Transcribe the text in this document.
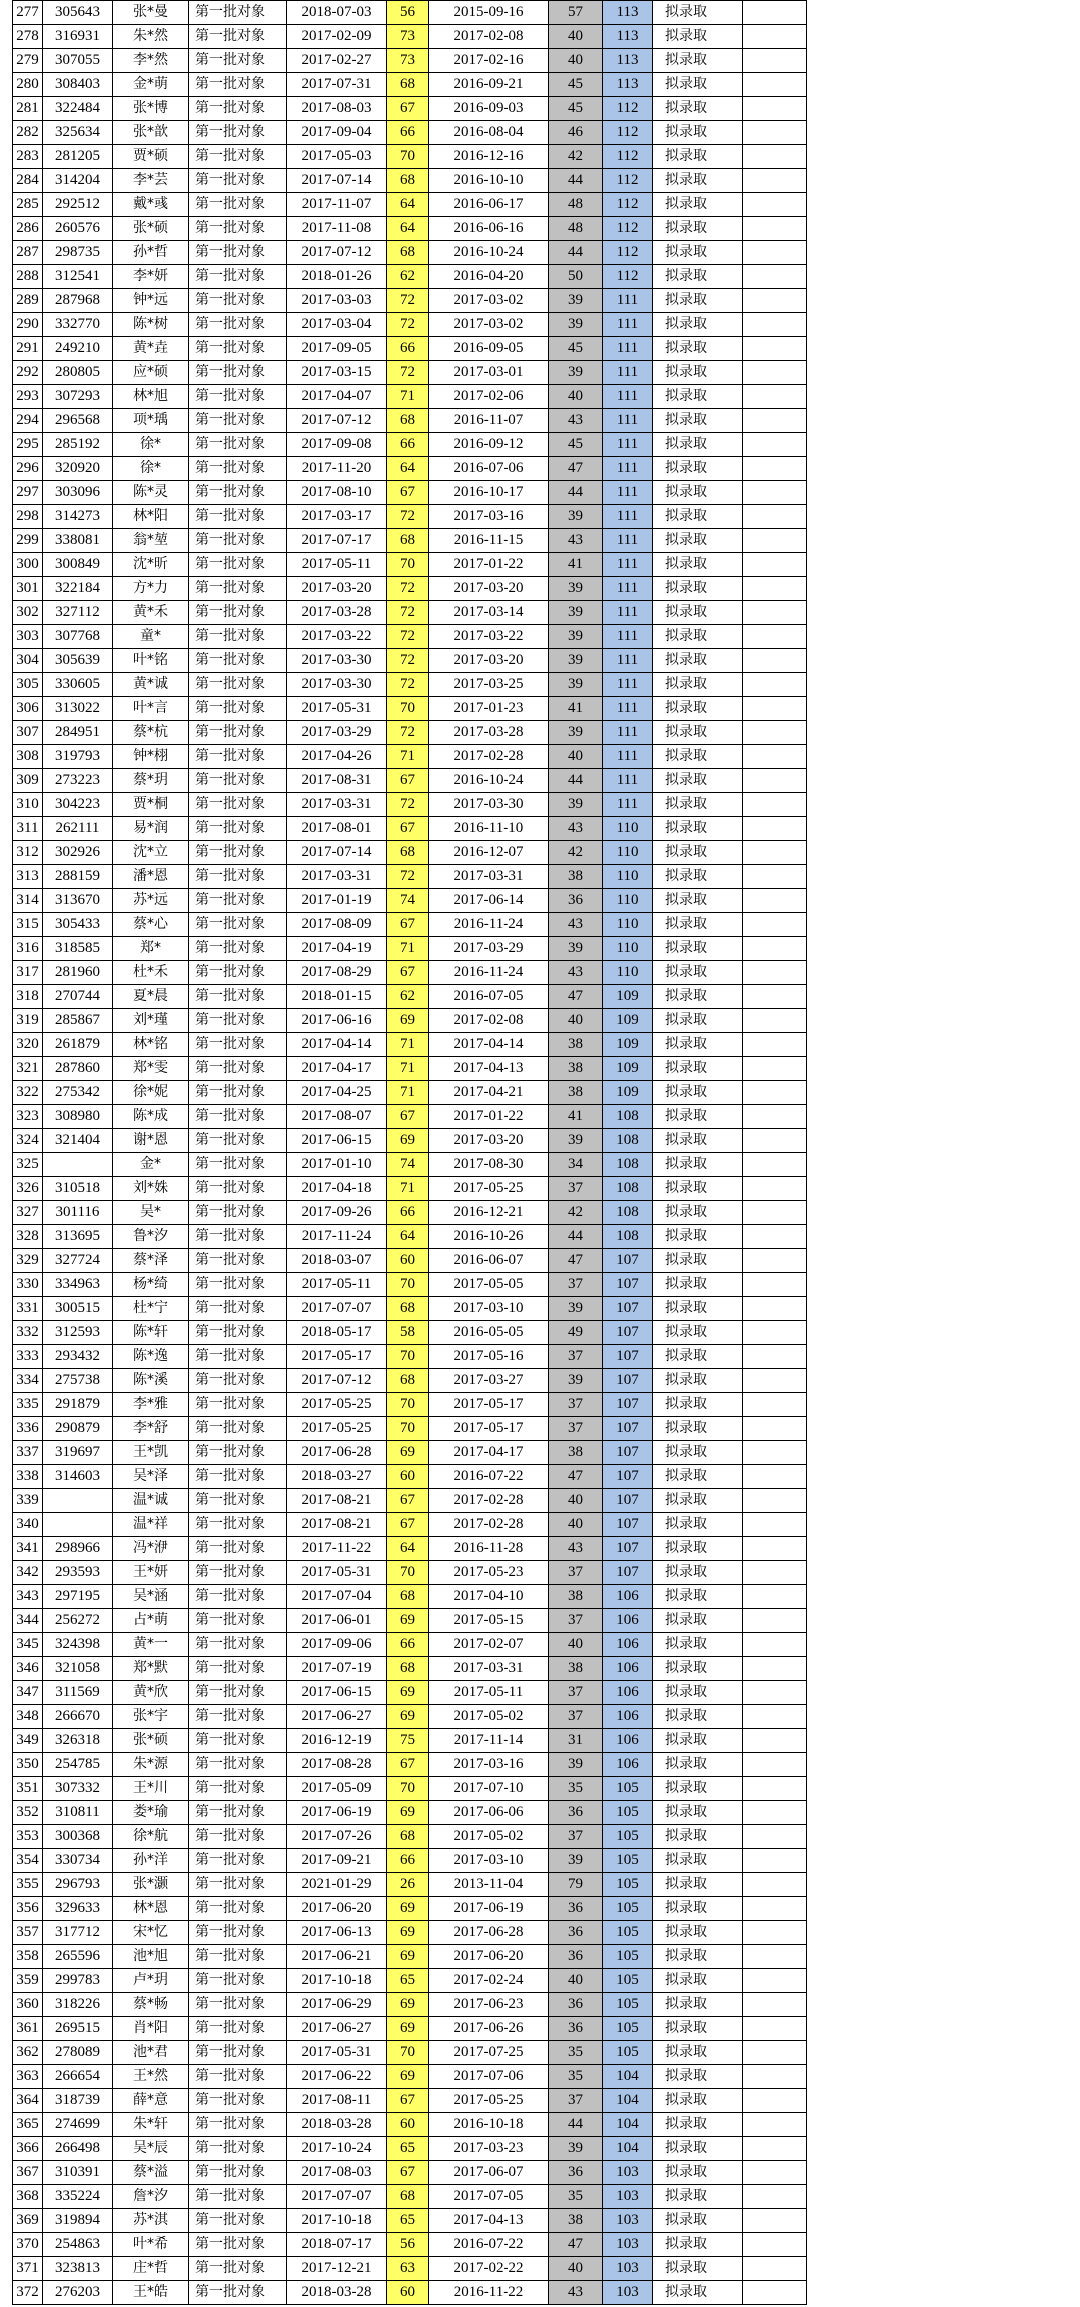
277	305643	张*曼	第一批对象	2018-07-03	56	2015-09-16	57	113	拟录取	
278	316931	朱*然	第一批对象	2017-02-09	73	2017-02-08	40	113	拟录取	
279	307055	李*然	第一批对象	2017-02-27	73	2017-02-16	40	113	拟录取	
280	308403	金*萌	第一批对象	2017-07-31	68	2016-09-21	45	113	拟录取	
281	322484	张*博	第一批对象	2017-08-03	67	2016-09-03	45	112	拟录取	
282	325634	张*歆	第一批对象	2017-09-04	66	2016-08-04	46	112	拟录取	
283	281205	贾*硕	第一批对象	2017-05-03	70	2016-12-16	42	112	拟录取	
284	314204	李*芸	第一批对象	2017-07-14	68	2016-10-10	44	112	拟录取	
285	292512	戴*彧	第一批对象	2017-11-07	64	2016-06-17	48	112	拟录取	
286	260576	张*硕	第一批对象	2017-11-08	64	2016-06-16	48	112	拟录取	
287	298735	孙*哲	第一批对象	2017-07-12	68	2016-10-24	44	112	拟录取	
288	312541	李*妍	第一批对象	2018-01-26	62	2016-04-20	50	112	拟录取	
289	287968	钟*远	第一批对象	2017-03-03	72	2017-03-02	39	111	拟录取	
290	332770	陈*树	第一批对象	2017-03-04	72	2017-03-02	39	111	拟录取	
291	249210	黄*垚	第一批对象	2017-09-05	66	2016-09-05	45	111	拟录取	
292	280805	应*硕	第一批对象	2017-03-15	72	2017-03-01	39	111	拟录取	
293	307293	林*旭	第一批对象	2017-04-07	71	2017-02-06	40	111	拟录取	
294	296568	项*瑀	第一批对象	2017-07-12	68	2016-11-07	43	111	拟录取	
295	285192	徐*	第一批对象	2017-09-08	66	2016-09-12	45	111	拟录取	
296	320920	徐*	第一批对象	2017-11-20	64	2016-07-06	47	111	拟录取	
297	303096	陈*灵	第一批对象	2017-08-10	67	2016-10-17	44	111	拟录取	
298	314273	林*阳	第一批对象	2017-03-17	72	2017-03-16	39	111	拟录取	
299	338081	翁*堃	第一批对象	2017-07-17	68	2016-11-15	43	111	拟录取	
300	300849	沈*昕	第一批对象	2017-05-11	70	2017-01-22	41	111	拟录取	
301	322184	方*力	第一批对象	2017-03-20	72	2017-03-20	39	111	拟录取	
302	327112	黄*禾	第一批对象	2017-03-28	72	2017-03-14	39	111	拟录取	
303	307768	童*	第一批对象	2017-03-22	72	2017-03-22	39	111	拟录取	
304	305639	叶*铭	第一批对象	2017-03-30	72	2017-03-20	39	111	拟录取	
305	330605	黄*诚	第一批对象	2017-03-30	72	2017-03-25	39	111	拟录取	
306	313022	叶*言	第一批对象	2017-05-31	70	2017-01-23	41	111	拟录取	
307	284951	蔡*杭	第一批对象	2017-03-29	72	2017-03-28	39	111	拟录取	
308	319793	钟*栩	第一批对象	2017-04-26	71	2017-02-28	40	111	拟录取	
309	273223	蔡*玥	第一批对象	2017-08-31	67	2016-10-24	44	111	拟录取	
310	304223	贾*桐	第一批对象	2017-03-31	72	2017-03-30	39	111	拟录取	
311	262111	易*润	第一批对象	2017-08-01	67	2016-11-10	43	110	拟录取	
312	302926	沈*立	第一批对象	2017-07-14	68	2016-12-07	42	110	拟录取	
313	288159	潘*恩	第一批对象	2017-03-31	72	2017-03-31	38	110	拟录取	
314	313670	苏*远	第一批对象	2017-01-19	74	2017-06-14	36	110	拟录取	
315	305433	蔡*心	第一批对象	2017-08-09	67	2016-11-24	43	110	拟录取	
316	318585	郑*	第一批对象	2017-04-19	71	2017-03-29	39	110	拟录取	
317	281960	杜*禾	第一批对象	2017-08-29	67	2016-11-24	43	110	拟录取	
318	270744	夏*晨	第一批对象	2018-01-15	62	2016-07-05	47	109	拟录取	
319	285867	刘*瑾	第一批对象	2017-06-16	69	2017-02-08	40	109	拟录取	
320	261879	林*铭	第一批对象	2017-04-14	71	2017-04-14	38	109	拟录取	
321	287860	郑*雯	第一批对象	2017-04-17	71	2017-04-13	38	109	拟录取	
322	275342	徐*妮	第一批对象	2017-04-25	71	2017-04-21	38	109	拟录取	
323	308980	陈*成	第一批对象	2017-08-07	67	2017-01-22	41	108	拟录取	
324	321404	谢*恩	第一批对象	2017-06-15	69	2017-03-20	39	108	拟录取	
325		金*	第一批对象	2017-01-10	74	2017-08-30	34	108	拟录取	
326	310518	刘*姝	第一批对象	2017-04-18	71	2017-05-25	37	108	拟录取	
327	301116	吴*	第一批对象	2017-09-26	66	2016-12-21	42	108	拟录取	
328	313695	鲁*汐	第一批对象	2017-11-24	64	2016-10-26	44	108	拟录取	
329	327724	蔡*泽	第一批对象	2018-03-07	60	2016-06-07	47	107	拟录取	
330	334963	杨*绮	第一批对象	2017-05-11	70	2017-05-05	37	107	拟录取	
331	300515	杜*宁	第一批对象	2017-07-07	68	2017-03-10	39	107	拟录取	
332	312593	陈*轩	第一批对象	2018-05-17	58	2016-05-05	49	107	拟录取	
333	293432	陈*逸	第一批对象	2017-05-17	70	2017-05-16	37	107	拟录取	
334	275738	陈*溪	第一批对象	2017-07-12	68	2017-03-27	39	107	拟录取	
335	291879	李*雅	第一批对象	2017-05-25	70	2017-05-17	37	107	拟录取	
336	290879	李*舒	第一批对象	2017-05-25	70	2017-05-17	37	107	拟录取	
337	319697	王*凯	第一批对象	2017-06-28	69	2017-04-17	38	107	拟录取	
338	314603	吴*泽	第一批对象	2018-03-27	60	2016-07-22	47	107	拟录取	
339		温*诚	第一批对象	2017-08-21	67	2017-02-28	40	107	拟录取	
340		温*祥	第一批对象	2017-08-21	67	2017-02-28	40	107	拟录取	
341	298966	冯*洢	第一批对象	2017-11-22	64	2016-11-28	43	107	拟录取	
342	293593	王*妍	第一批对象	2017-05-31	70	2017-05-23	37	107	拟录取	
343	297195	吴*涵	第一批对象	2017-07-04	68	2017-04-10	38	106	拟录取	
344	256272	占*萌	第一批对象	2017-06-01	69	2017-05-15	37	106	拟录取	
345	324398	黄*一	第一批对象	2017-09-06	66	2017-02-07	40	106	拟录取	
346	321058	郑*默	第一批对象	2017-07-19	68	2017-03-31	38	106	拟录取	
347	311569	黄*欣	第一批对象	2017-06-15	69	2017-05-11	37	106	拟录取	
348	266670	张*宇	第一批对象	2017-06-27	69	2017-05-02	37	106	拟录取	
349	326318	张*硕	第一批对象	2016-12-19	75	2017-11-14	31	106	拟录取	
350	254785	朱*源	第一批对象	2017-08-28	67	2017-03-16	39	106	拟录取	
351	307332	王*川	第一批对象	2017-05-09	70	2017-07-10	35	105	拟录取	
352	310811	娄*瑜	第一批对象	2017-06-19	69	2017-06-06	36	105	拟录取	
353	300368	徐*航	第一批对象	2017-07-26	68	2017-05-02	37	105	拟录取	
354	330734	孙*洋	第一批对象	2017-09-21	66	2017-03-10	39	105	拟录取	
355	296793	张*灏	第一批对象	2021-01-29	26	2013-11-04	79	105	拟录取	
356	329633	林*恩	第一批对象	2017-06-20	69	2017-06-19	36	105	拟录取	
357	317712	宋*忆	第一批对象	2017-06-13	69	2017-06-28	36	105	拟录取	
358	265596	池*旭	第一批对象	2017-06-21	69	2017-06-20	36	105	拟录取	
359	299783	卢*玥	第一批对象	2017-10-18	65	2017-02-24	40	105	拟录取	
360	318226	蔡*畅	第一批对象	2017-06-29	69	2017-06-23	36	105	拟录取	
361	269515	肖*阳	第一批对象	2017-06-27	69	2017-06-26	36	105	拟录取	
362	278089	池*君	第一批对象	2017-05-31	70	2017-07-25	35	105	拟录取	
363	266654	王*然	第一批对象	2017-06-22	69	2017-07-06	35	104	拟录取	
364	318739	薛*意	第一批对象	2017-08-11	67	2017-05-25	37	104	拟录取	
365	274699	朱*轩	第一批对象	2018-03-28	60	2016-10-18	44	104	拟录取	
366	266498	吴*辰	第一批对象	2017-10-24	65	2017-03-23	39	104	拟录取	
367	310391	蔡*溢	第一批对象	2017-08-03	67	2017-06-07	36	103	拟录取	
368	335224	詹*汐	第一批对象	2017-07-07	68	2017-07-05	35	103	拟录取	
369	319894	苏*淇	第一批对象	2017-10-18	65	2017-04-13	38	103	拟录取	
370	254863	叶*希	第一批对象	2018-07-17	56	2016-07-22	47	103	拟录取	
371	323813	庄*哲	第一批对象	2017-12-21	63	2017-02-22	40	103	拟录取	
372	276203	王*皓	第一批对象	2018-03-28	60	2016-11-22	43	103	拟录取	
